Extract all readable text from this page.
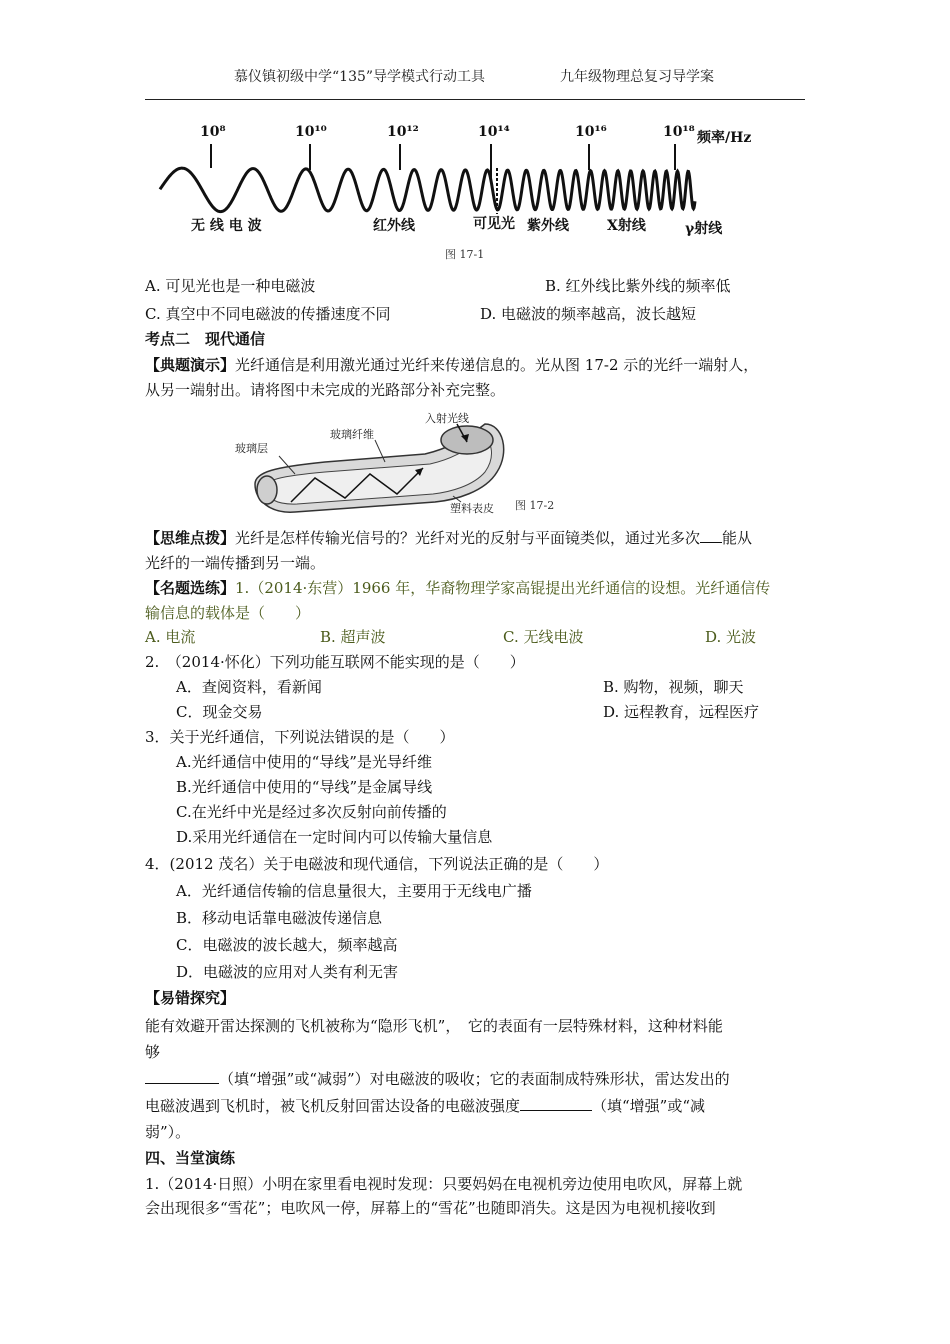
慕仪镇初级中学“135”导学模式行动工具	九年级物理总复习导学案
10⁸	10¹⁰	10¹²	10¹⁴	10¹⁶	10¹⁸ 频率/Hz
无 线 电 波	红外线	可见光 紫外线	X射线	γ射线
图 17-1
A. 可见光也是一种电磁波	B. 红外线比紫外线的频率低
C. 真空中不同电磁波的传播速度不同	D. 电磁波的频率越高，波长越短
考点二　现代通信
【典题演示】光纤通信是利用激光通过光纤来传递信息的。光从图 17-2 示的光纤一端射人，
从另一端射出。请将图中未完成的光路部分补充完整。
入射光线
玻璃纤维
玻璃层
塑料表皮 图 17-2
【思维点拨】光纤是怎样传输光信号的？光纤对光的反射与平面镜类似，通过光多次 能从
光纤的一端传播到另一端。
【名题选练】1.（2014·东营）1966 年，华裔物理学家高锟提出光纤通信的设想。光纤通信传
输信息的载体是（　　）
A. 电流	B. 超声波	C. 无线电波	D. 光波
2.　（2014·怀化）下列功能互联网不能实现的是（　　）
A．查阅资料，看新闻	B. 购物，视频，聊天
C．现金交易	D. 远程教育，远程医疗
3．关于光纤通信，下列说法错误的是（　　）
A.光纤通信中使用的“导线”是光导纤维
B.光纤通信中使用的“导线”是金属导线
C.在光纤中光是经过多次反射向前传播的
D.采用光纤通信在一定时间内可以传输大量信息
4．(2012 茂名）关于电磁波和现代通信，下列说法正确的是（　　）
A．光纤通信传输的信息量很大，主要用于无线电广播
B．移动电话靠电磁波传递信息
C．电磁波的波长越大，频率越高
D．电磁波的应用对人类有利无害
【易错探究】
能有效避开雷达探测的飞机被称为“隐形飞机”，　它的表面有一层特殊材料，这种材料能
够
（填“增强”或“减弱”）对电磁波的吸收；它的表面制成特殊形状，雷达发出的
电磁波遇到飞机时，被飞机反射回雷达设备的电磁波强度	（填“增强”或“减
弱”）。
四、当堂演练
1.（2014·日照）小明在家里看电视时发现：只要妈妈在电视机旁边使用电吹风，屏幕上就
会出现很多“雪花”；电吹风一停，屏幕上的“雪花”也随即消失。这是因为电视机接收到
